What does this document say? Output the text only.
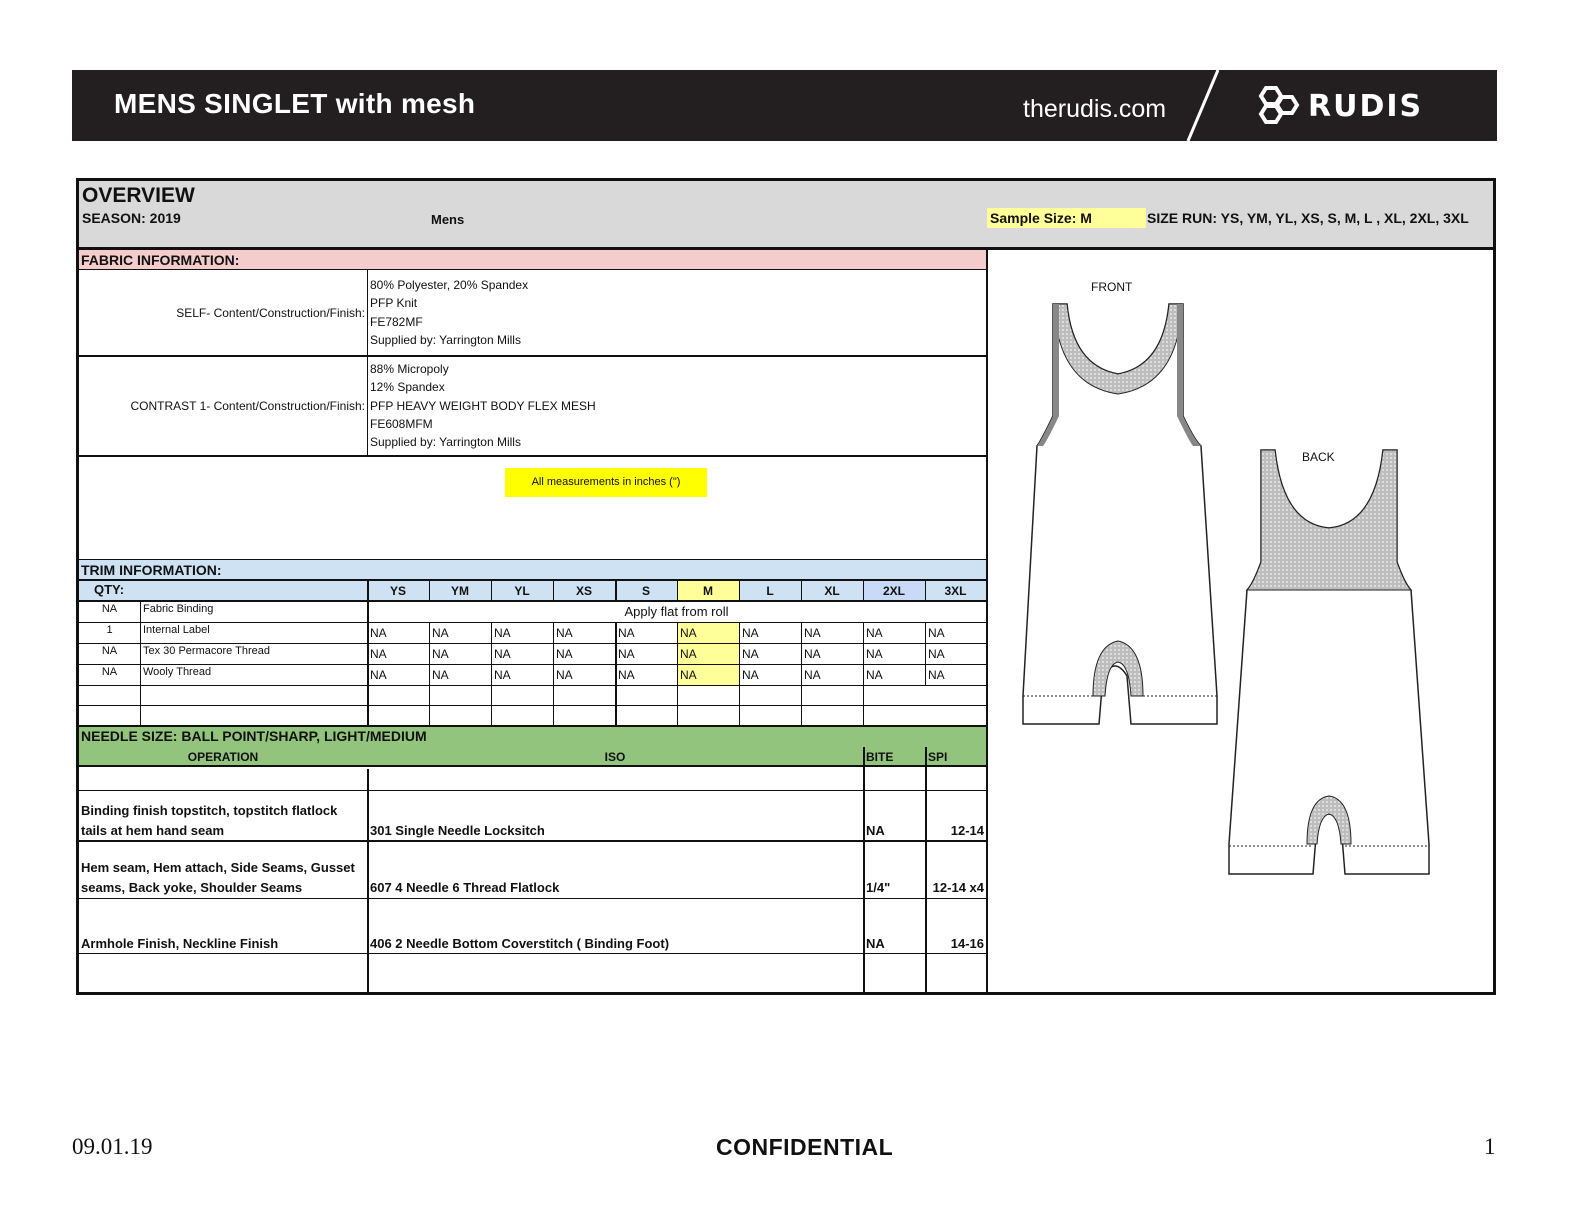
MENS SINGLET with mesh	therudis.com	RUDIS
OVERVIEW
SEASON: 2019	Mens	Sample Size: M	SIZE RUN: YS, YM, YL, XS, S, M, L , XL, 2XL, 3XL
FABRIC INFORMATION:
SELF- Content/Construction/Finish:
80% Polyester, 20% Spandex
PFP Knit
FE782MF
Supplied by: Yarrington Mills
CONTRAST 1- Content/Construction/Finish:
88% Micropoly
12% Spandex
PFP HEAVY WEIGHT BODY FLEX MESH
FE608MFM
Supplied by: Yarrington Mills
All measurements in inches (")
TRIM INFORMATION:
QTY:	YS	YM	YL	XS	S	M	L	XL	2XL	3XL
NA	Fabric Binding	Apply flat from roll
1	Internal Label	NA	NA	NA	NA	NA	NA	NA	NA	NA	NA
NA	Tex 30 Permacore Thread	NA	NA	NA	NA	NA	NA	NA	NA	NA	NA
NA	Wooly Thread	NA	NA	NA	NA	NA	NA	NA	NA	NA	NA
NEEDLE SIZE: BALL POINT/SHARP, LIGHT/MEDIUM
OPERATION	ISO	BITE	SPI
Binding finish topstitch, topstitch flatlock
tails at hem hand seam	301 Single Needle Locksitch	NA	12-14
Hem seam, Hem attach, Side Seams, Gusset
seams, Back yoke, Shoulder Seams	607 4 Needle 6 Thread Flatlock	1/4"	12-14 x4
Armhole Finish, Neckline Finish	406 2 Needle Bottom Coverstitch ( Binding Foot)	NA	14-16
FRONT
BACK
09.01.19	CONFIDENTIAL	1
